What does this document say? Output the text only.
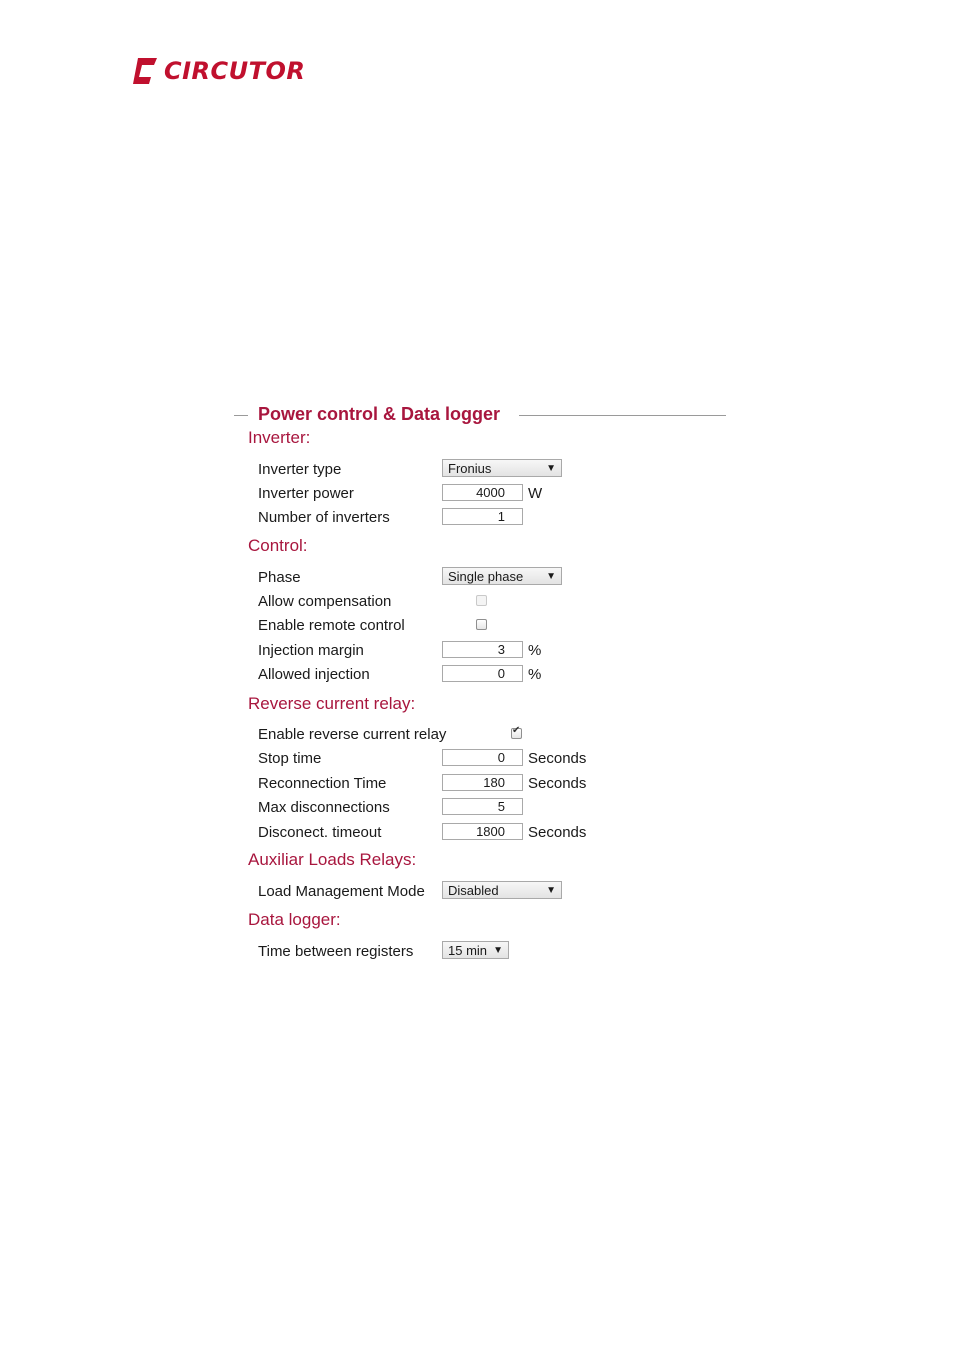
CIRCUTOR
Power control & Data logger
Inverter:
Inverter type	Fronius	▼
Inverter power	4000	W
Number of inverters	1
Control:
Phase	Single phase ▼
Allow compensation
Enable remote control
Injection margin	3	%
Allowed injection	0	%
Reverse current relay:
Enable reverse current relay	✔
Stop time	0	Seconds
Reconnection Time	180	Seconds
Max disconnections	5
Disconect. timeout	1800	Seconds
Auxiliar Loads Relays:
Load Management Mode	Disabled	▼
Data logger:
Time between registers	15 min ▼
